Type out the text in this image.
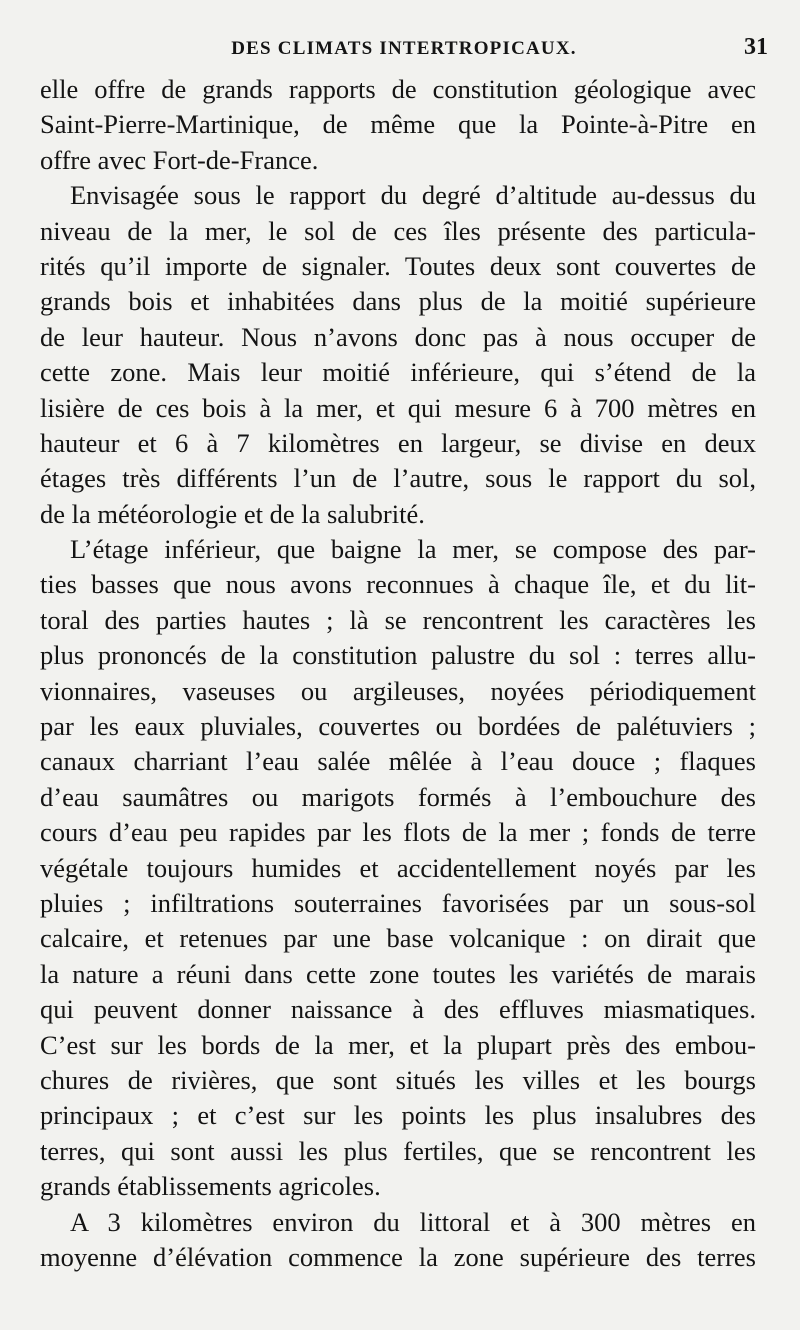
DES CLIMATS INTERTROPICAUX.	31
elle offre de grands rapports de constitution géologique avec
Saint-Pierre-Martinique, de même que la Pointe-à-Pitre en
offre avec Fort-de-France.
Envisagée sous le rapport du degré d’altitude au-dessus du
niveau de la mer, le sol de ces îles présente des particula-
rités qu’il importe de signaler. Toutes deux sont couvertes de
grands bois et inhabitées dans plus de la moitié supérieure
de leur hauteur. Nous n’avons donc pas à nous occuper de
cette zone. Mais leur moitié inférieure, qui s’étend de la
lisière de ces bois à la mer, et qui mesure 6 à 700 mètres en
hauteur et 6 à 7 kilomètres en largeur, se divise en deux
étages très différents l’un de l’autre, sous le rapport du sol,
de la météorologie et de la salubrité.
L’étage inférieur, que baigne la mer, se compose des par-
ties basses que nous avons reconnues à chaque île, et du lit-
toral des parties hautes ; là se rencontrent les caractères les
plus prononcés de la constitution palustre du sol : terres allu-
vionnaires, vaseuses ou argileuses, noyées périodiquement
par les eaux pluviales, couvertes ou bordées de palétuviers ;
canaux charriant l’eau salée mêlée à l’eau douce ; flaques
d’eau saumâtres ou marigots formés à l’embouchure des
cours d’eau peu rapides par les flots de la mer ; fonds de terre
végétale toujours humides et accidentellement noyés par les
pluies ; infiltrations souterraines favorisées par un sous-sol
calcaire, et retenues par une base volcanique : on dirait que
la nature a réuni dans cette zone toutes les variétés de marais
qui peuvent donner naissance à des effluves miasmatiques.
C’est sur les bords de la mer, et la plupart près des embou-
chures de rivières, que sont situés les villes et les bourgs
principaux ; et c’est sur les points les plus insalubres des
terres, qui sont aussi les plus fertiles, que se rencontrent les
grands établissements agricoles.
A 3 kilomètres environ du littoral et à 300 mètres en
moyenne d’élévation commence la zone supérieure des terres
